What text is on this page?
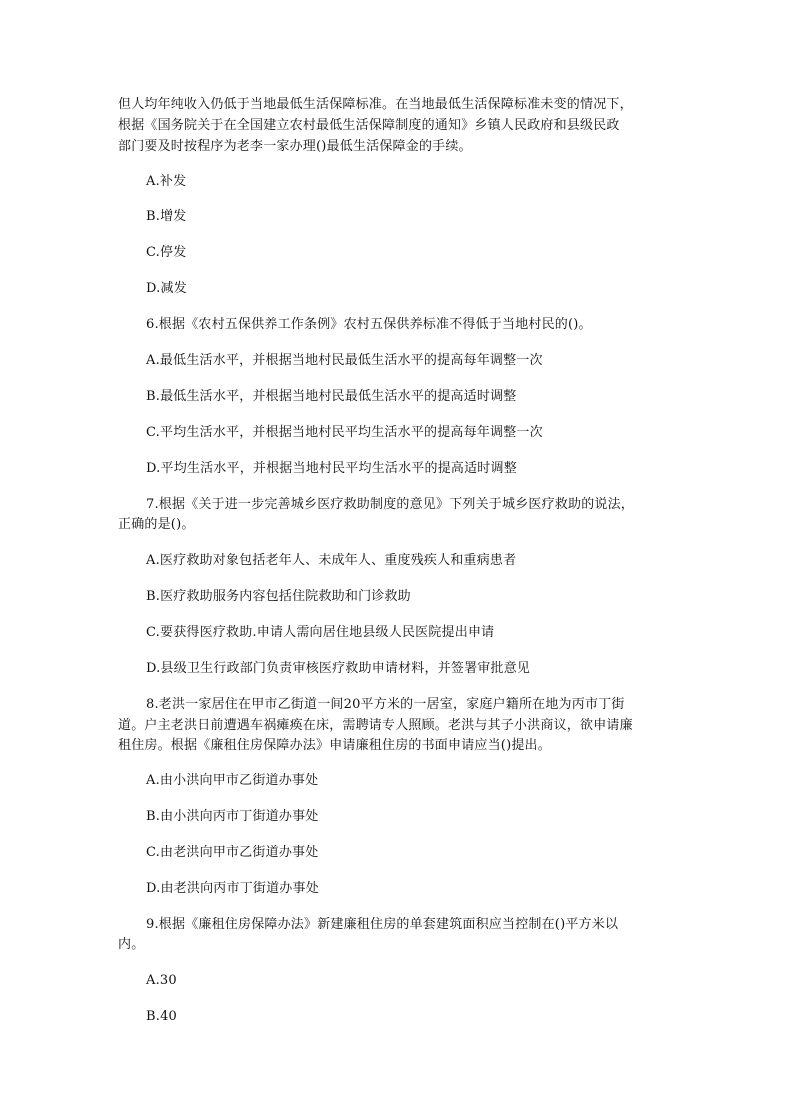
但人均年纯收入仍低于当地最低生活保障标准。在当地最低生活保障标准未变的情况下，
根据《国务院关于在全国建立农村最低生活保障制度的通知》乡镇人民政府和县级民政
部门要及时按程序为老李一家办理()最低生活保障金的手续。
A.补发
B.增发
C.停发
D.减发
6.根据《农村五保供养工作条例》农村五保供养标准不得低于当地村民的()。
A.最低生活水平，并根据当地村民最低生活水平的提高每年调整一次
B.最低生活水平，并根据当地村民最低生活水平的提高适时调整
C.平均生活水平，并根据当地村民平均生活水平的提高每年调整一次
D.平均生活水平，并根据当地村民平均生活水平的提高适时调整
7.根据《关于进一步完善城乡医疗救助制度的意见》下列关于城乡医疗救助的说法，
正确的是()。
A.医疗救助对象包括老年人、未成年人、重度残疾人和重病患者
B.医疗救助服务内容包括住院救助和门诊救助
C.要获得医疗救助.申请人需向居住地县级人民医院提出申请
D.县级卫生行政部门负责审核医疗救助申请材料，并签署审批意见
8.老洪一家居住在甲市乙街道一间20平方米的一居室，家庭户籍所在地为丙市丁街
道。户主老洪日前遭遇车祸瘫痪在床，需聘请专人照顾。老洪与其子小洪商议，欲申请廉
租住房。根据《廉租住房保障办法》申请廉租住房的书面申请应当()提出。
A.由小洪向甲市乙街道办事处
B.由小洪向丙市丁街道办事处
C.由老洪向甲市乙街道办事处
D.由老洪向丙市丁街道办事处
9.根据《廉租住房保障办法》新建廉租住房的单套建筑面积应当控制在()平方米以
内。
A.30
B.40
